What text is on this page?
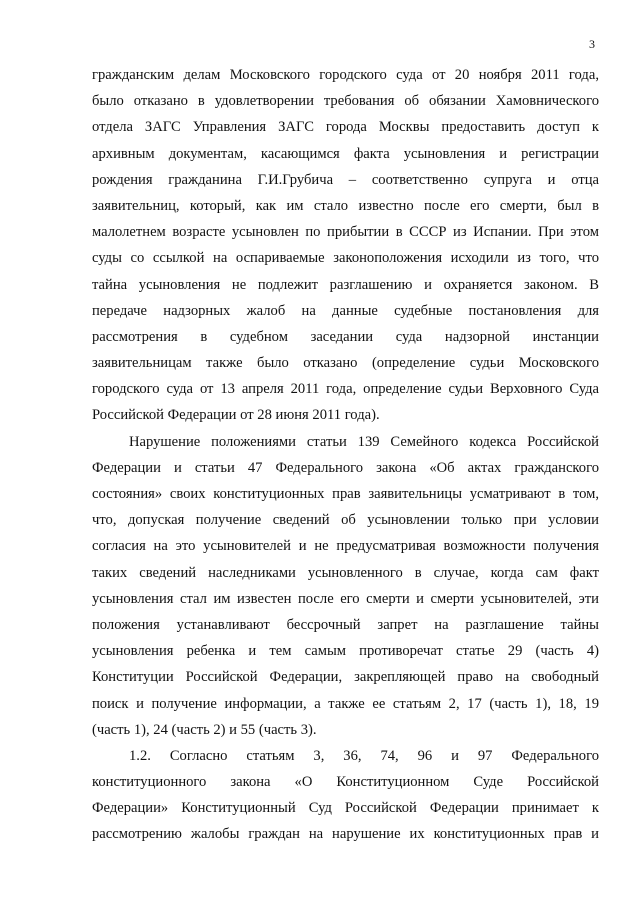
3
гражданским делам Московского городского суда от 20 ноября 2011 года,
было отказано в удовлетворении требования об обязании Хамовнического
отдела ЗАГС Управления ЗАГС города Москвы предоставить доступ к
архивным документам, касающимся факта усыновления и регистрации
рождения гражданина Г.И.Грубича – соответственно супруга и отца
заявительниц, который, как им стало известно после его смерти, был в
малолетнем возрасте усыновлен по прибытии в СССР из Испании. При этом
суды со ссылкой на оспариваемые законоположения исходили из того, что
тайна усыновления не подлежит разглашению и охраняется законом. В
передаче надзорных жалоб на данные судебные постановления для
рассмотрения в судебном заседании суда надзорной инстанции
заявительницам также было отказано (определение судьи Московского
городского суда от 13 апреля 2011 года, определение судьи Верховного Суда
Российской Федерации от 28 июня 2011 года).
Нарушение положениями статьи 139 Семейного кодекса Российской
Федерации и статьи 47 Федерального закона «Об актах гражданского
состояния» своих конституционных прав заявительницы усматривают в том,
что, допуская получение сведений об усыновлении только при условии
согласия на это усыновителей и не предусматривая возможности получения
таких сведений наследниками усыновленного в случае, когда сам факт
усыновления стал им известен после его смерти и смерти усыновителей, эти
положения устанавливают бессрочный запрет на разглашение тайны
усыновления ребенка и тем самым противоречат статье 29 (часть 4)
Конституции Российской Федерации, закрепляющей право на свободный
поиск и получение информации, а также ее статьям 2, 17 (часть 1), 18, 19
(часть 1), 24 (часть 2) и 55 (часть 3).
1.2. Согласно статьям 3, 36, 74, 96 и 97 Федерального
конституционного закона «О Конституционном Суде Российской
Федерации» Конституционный Суд Российской Федерации принимает к
рассмотрению жалобы граждан на нарушение их конституционных прав и
